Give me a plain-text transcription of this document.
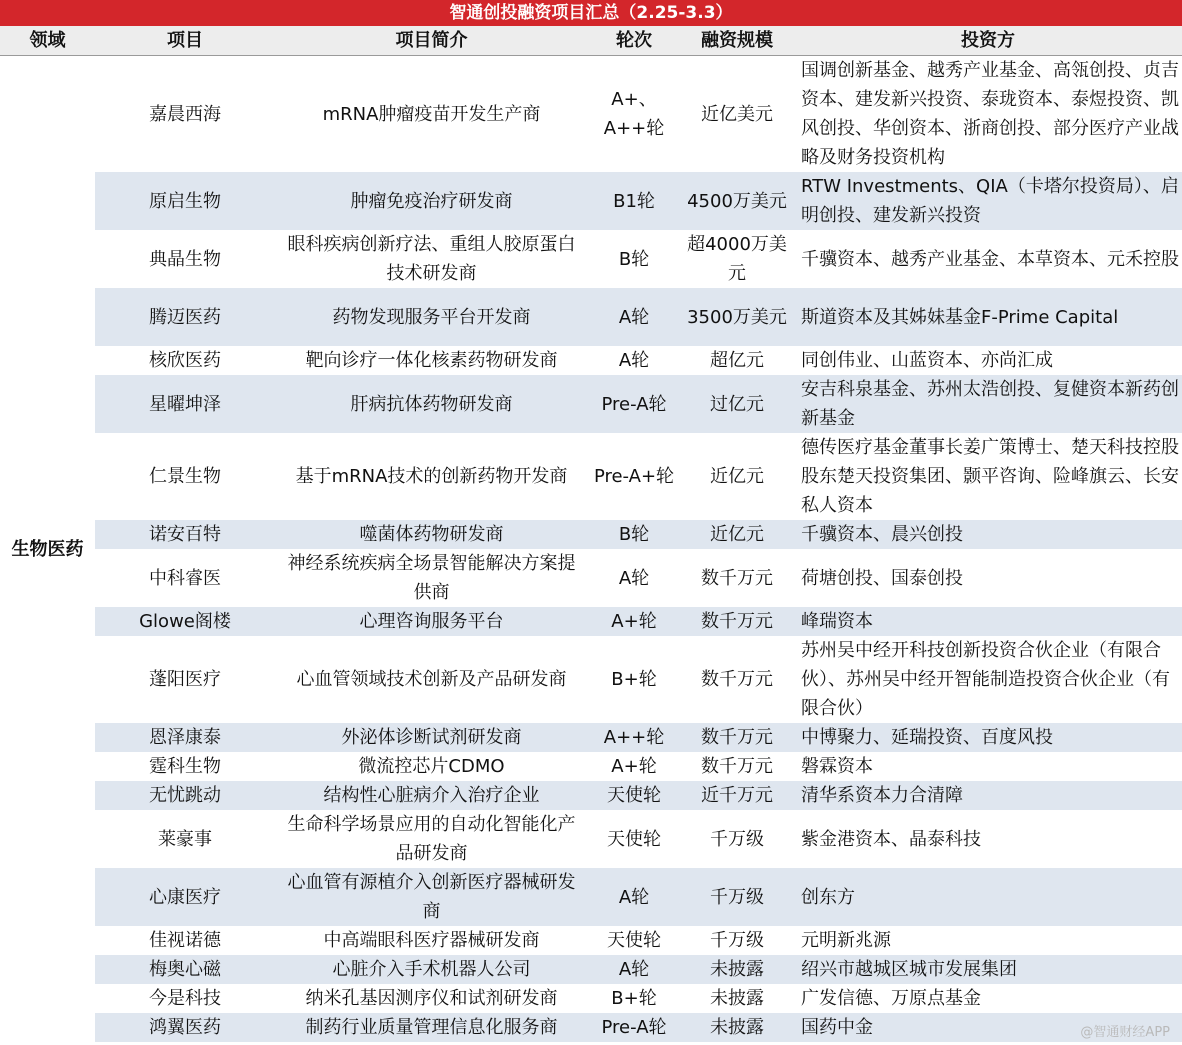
智通创投融资项目汇总（2.25-3.3）					
领域	项目	项目简介	轮次	融资规模	投资方
生物医药	嘉晨西海	mRNA肿瘤疫苗开发生产商	A+、A++轮	近亿美元	国调创新基金、越秀产业基金、高瓴创投、贞吉资本、建发新兴投资、泰珑资本、泰煜投资、凯风创投、华创资本、浙商创投、部分医疗产业战略及财务投资机构
	原启生物	肿瘤免疫治疗研发商	B1轮	4500万美元	RTW Investments、QIA（卡塔尔投资局）、启明创投、建发新兴投资
	典晶生物	眼科疾病创新疗法、重组人胶原蛋白技术研发商	B轮	超4000万美元	千骥资本、越秀产业基金、本草资本、元禾控股
	腾迈医药	药物发现服务平台开发商	A轮	3500万美元	斯道资本及其姊妹基金F-Prime Capital
	核欣医药	靶向诊疗一体化核素药物研发商	A轮	超亿元	同创伟业、山蓝资本、亦尚汇成
	星曜坤泽	肝病抗体药物研发商	Pre-A轮	过亿元	安吉科泉基金、苏州太浩创投、复健资本新药创新基金
	仁景生物	基于mRNA技术的创新药物开发商	Pre-A+轮	近亿元	德传医疗基金董事长姜广策博士、楚天科技控股股东楚天投资集团、颢平咨询、险峰旗云、长安私人资本
	诺安百特	噬菌体药物研发商	B轮	近亿元	千骥资本、晨兴创投
	中科睿医	神经系统疾病全场景智能解决方案提供商	A轮	数千万元	荷塘创投、国泰创投
	Glowe阁楼	心理咨询服务平台	A+轮	数千万元	峰瑞资本
	蓬阳医疗	心血管领域技术创新及产品研发商	B+轮	数千万元	苏州吴中经开科技创新投资合伙企业（有限合伙）、苏州吴中经开智能制造投资合伙企业（有限合伙）
	恩泽康泰	外泌体诊断试剂研发商	A++轮	数千万元	中博聚力、延瑞投资、百度风投
	霆科生物	微流控芯片CDMO	A+轮	数千万元	磐霖资本
	无忧跳动	结构性心脏病介入治疗企业	天使轮	近千万元	清华系资本力合清障
	莱豪事	生命科学场景应用的自动化智能化产品研发商	天使轮	千万级	紫金港资本、晶泰科技
	心康医疗	心血管有源植介入创新医疗器械研发商	A轮	千万级	创东方
	佳视诺德	中高端眼科医疗器械研发商	天使轮	千万级	元明新兆源
	梅奥心磁	心脏介入手术机器人公司	A轮	未披露	绍兴市越城区城市发展集团
	今是科技	纳米孔基因测序仪和试剂研发商	B+轮	未披露	广发信德、万原点基金
	鸿翼医药	制药行业质量管理信息化服务商	Pre-A轮	未披露	国药中金	@智通财经APP
